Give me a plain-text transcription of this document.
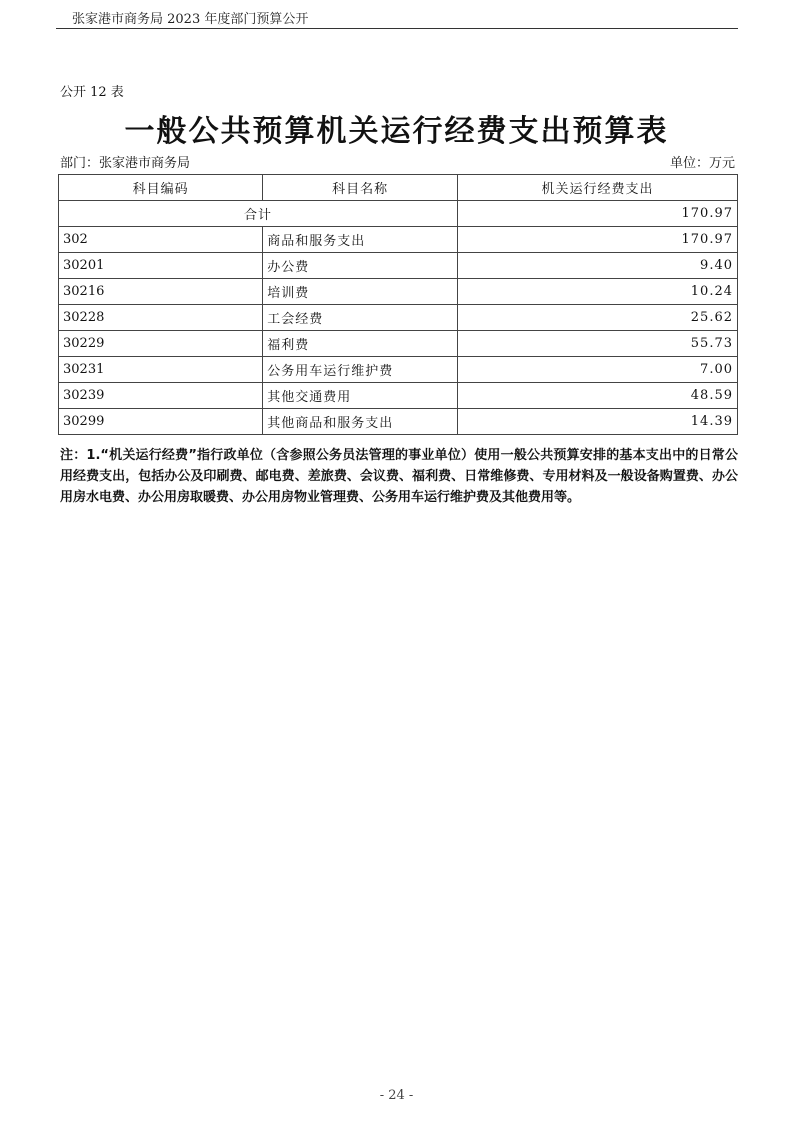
张家港市商务局 2023 年度部门预算公开
公开 12 表
一般公共预算机关运行经费支出预算表
部门：张家港市商务局	单位：万元
科目编码	科目名称	机关运行经费支出
合计		170.97
302	商品和服务支出	170.97
30201	办公费	9.40
30216	培训费	10.24
30228	工会经费	25.62
30229	福利费	55.73
30231	公务用车运行维护费	7.00
30239	其他交通费用	48.59
30299	其他商品和服务支出	14.39
注：1.“机关运行经费”指行政单位（含参照公务员法管理的事业单位）使用一般公共预算安排的基本支出中的日常公用经费支出，包括办公及印刷费、邮电费、差旅费、会议费、福利费、日常维修费、专用材料及一般设备购置费、办公用房水电费、办公用房取暖费、办公用房物业管理费、公务用车运行维护费及其他费用等。
- 24 -
